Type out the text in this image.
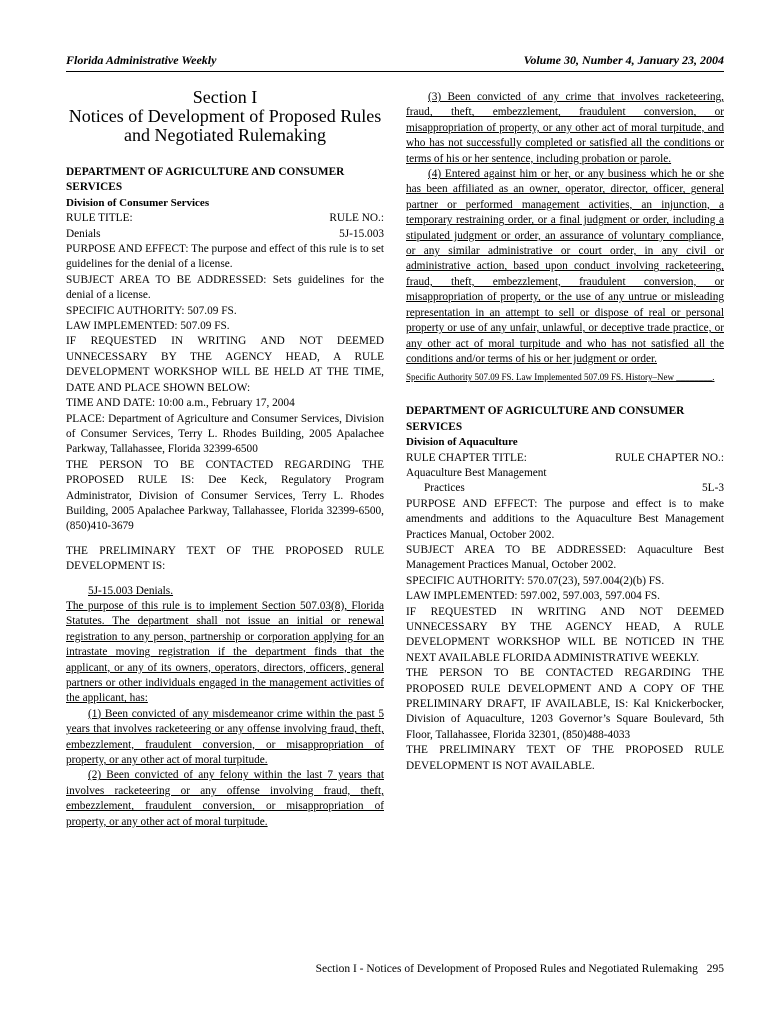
Florida Administrative Weekly	Volume 30, Number 4, January 23, 2004
Section I
Notices of Development of Proposed Rules
and Negotiated Rulemaking
DEPARTMENT OF AGRICULTURE AND CONSUMER SERVICES
Division of Consumer Services
RULE TITLE:	RULE NO.:
Denials	5J-15.003

PURPOSE AND EFFECT: The purpose and effect of this rule is to set guidelines for the denial of a license.

SUBJECT AREA TO BE ADDRESSED: Sets guidelines for the denial of a license.

SPECIFIC AUTHORITY: 507.09 FS.

LAW IMPLEMENTED: 507.09 FS.

IF REQUESTED IN WRITING AND NOT DEEMED UNNECESSARY BY THE AGENCY HEAD, A RULE DEVELOPMENT WORKSHOP WILL BE HELD AT THE TIME, DATE AND PLACE SHOWN BELOW:

TIME AND DATE: 10:00 a.m., February 17, 2004

PLACE: Department of Agriculture and Consumer Services, Division of Consumer Services, Terry L. Rhodes Building, 2005 Apalachee Parkway, Tallahassee, Florida 32399-6500

THE PERSON TO BE CONTACTED REGARDING THE PROPOSED RULE IS: Dee Keck, Regulatory Program Administrator, Division of Consumer Services, Terry L. Rhodes Building, 2005 Apalachee Parkway, Tallahassee, Florida 32399-6500, (850)410-3679

THE PRELIMINARY TEXT OF THE PROPOSED RULE DEVELOPMENT IS:

5J-15.003 Denials.

The purpose of this rule is to implement Section 507.03(8), Florida Statutes. The department shall not issue an initial or renewal registration to any person, partnership or corporation applying for an intrastate moving registration if the department finds that the applicant, or any of its owners, operators, directors, officers, general partners or other individuals engaged in the management activities of the applicant, has:

(1) Been convicted of any misdemeanor crime within the past 5 years that involves racketeering or any offense involving fraud, theft, embezzlement, fraudulent conversion, or misappropriation of property, or any other act of moral turpitude.

(2) Been convicted of any felony within the last 7 years that involves racketeering or any offense involving fraud, theft, embezzlement, fraudulent conversion, or misappropriation of property, or any other act of moral turpitude.

(3) Been convicted of any crime that involves racketeering, fraud, theft, embezzlement, fraudulent conversion, or misappropriation of property, or any other act of moral turpitude, and who has not successfully completed or satisfied all the conditions or terms of his or her sentence, including probation or parole.

(4) Entered against him or her, or any business which he or she has been affiliated as an owner, operator, director, officer, general partner or performed management activities, an injunction, a temporary restraining order, or a final judgment or order, including a stipulated judgment or order, an assurance of voluntary compliance, or any similar administrative or court order, in any civil or administrative action, based upon conduct involving racketeering, fraud, theft, embezzlement, fraudulent conversion, or misappropriation of property, or the use of any untrue or misleading representation in an attempt to sell or dispose of real or personal property or use of any unfair, unlawful, or deceptive trade practice, or any other act of moral turpitude and who has not satisfied all the conditions and/or terms of his or her judgment or order.

Specific Authority 507.09 FS. Law Implemented 507.09 FS. History–New ________.

DEPARTMENT OF AGRICULTURE AND CONSUMER SERVICES
Division of Aquaculture
RULE CHAPTER TITLE:	RULE CHAPTER NO.:
Aquaculture Best Management
Practices	5L-3

PURPOSE AND EFFECT: The purpose and effect is to make amendments and additions to the Aquaculture Best Management Practices Manual, October 2002.

SUBJECT AREA TO BE ADDRESSED: Aquaculture Best Management Practices Manual, October 2002.

SPECIFIC AUTHORITY: 570.07(23), 597.004(2)(b) FS.

LAW IMPLEMENTED: 597.002, 597.003, 597.004 FS.

IF REQUESTED IN WRITING AND NOT DEEMED UNNECESSARY BY THE AGENCY HEAD, A RULE DEVELOPMENT WORKSHOP WILL BE NOTICED IN THE NEXT AVAILABLE FLORIDA ADMINISTRATIVE WEEKLY.

THE PERSON TO BE CONTACTED REGARDING THE PROPOSED RULE DEVELOPMENT AND A COPY OF THE PRELIMINARY DRAFT, IF AVAILABLE, IS: Kal Knickerbocker, Division of Aquaculture, 1203 Governor’s Square Boulevard, 5th Floor, Tallahassee, Florida 32301, (850)488-4033

THE PRELIMINARY TEXT OF THE PROPOSED RULE DEVELOPMENT IS NOT AVAILABLE.

Section I - Notices of Development of Proposed Rules and Negotiated Rulemaking 295
